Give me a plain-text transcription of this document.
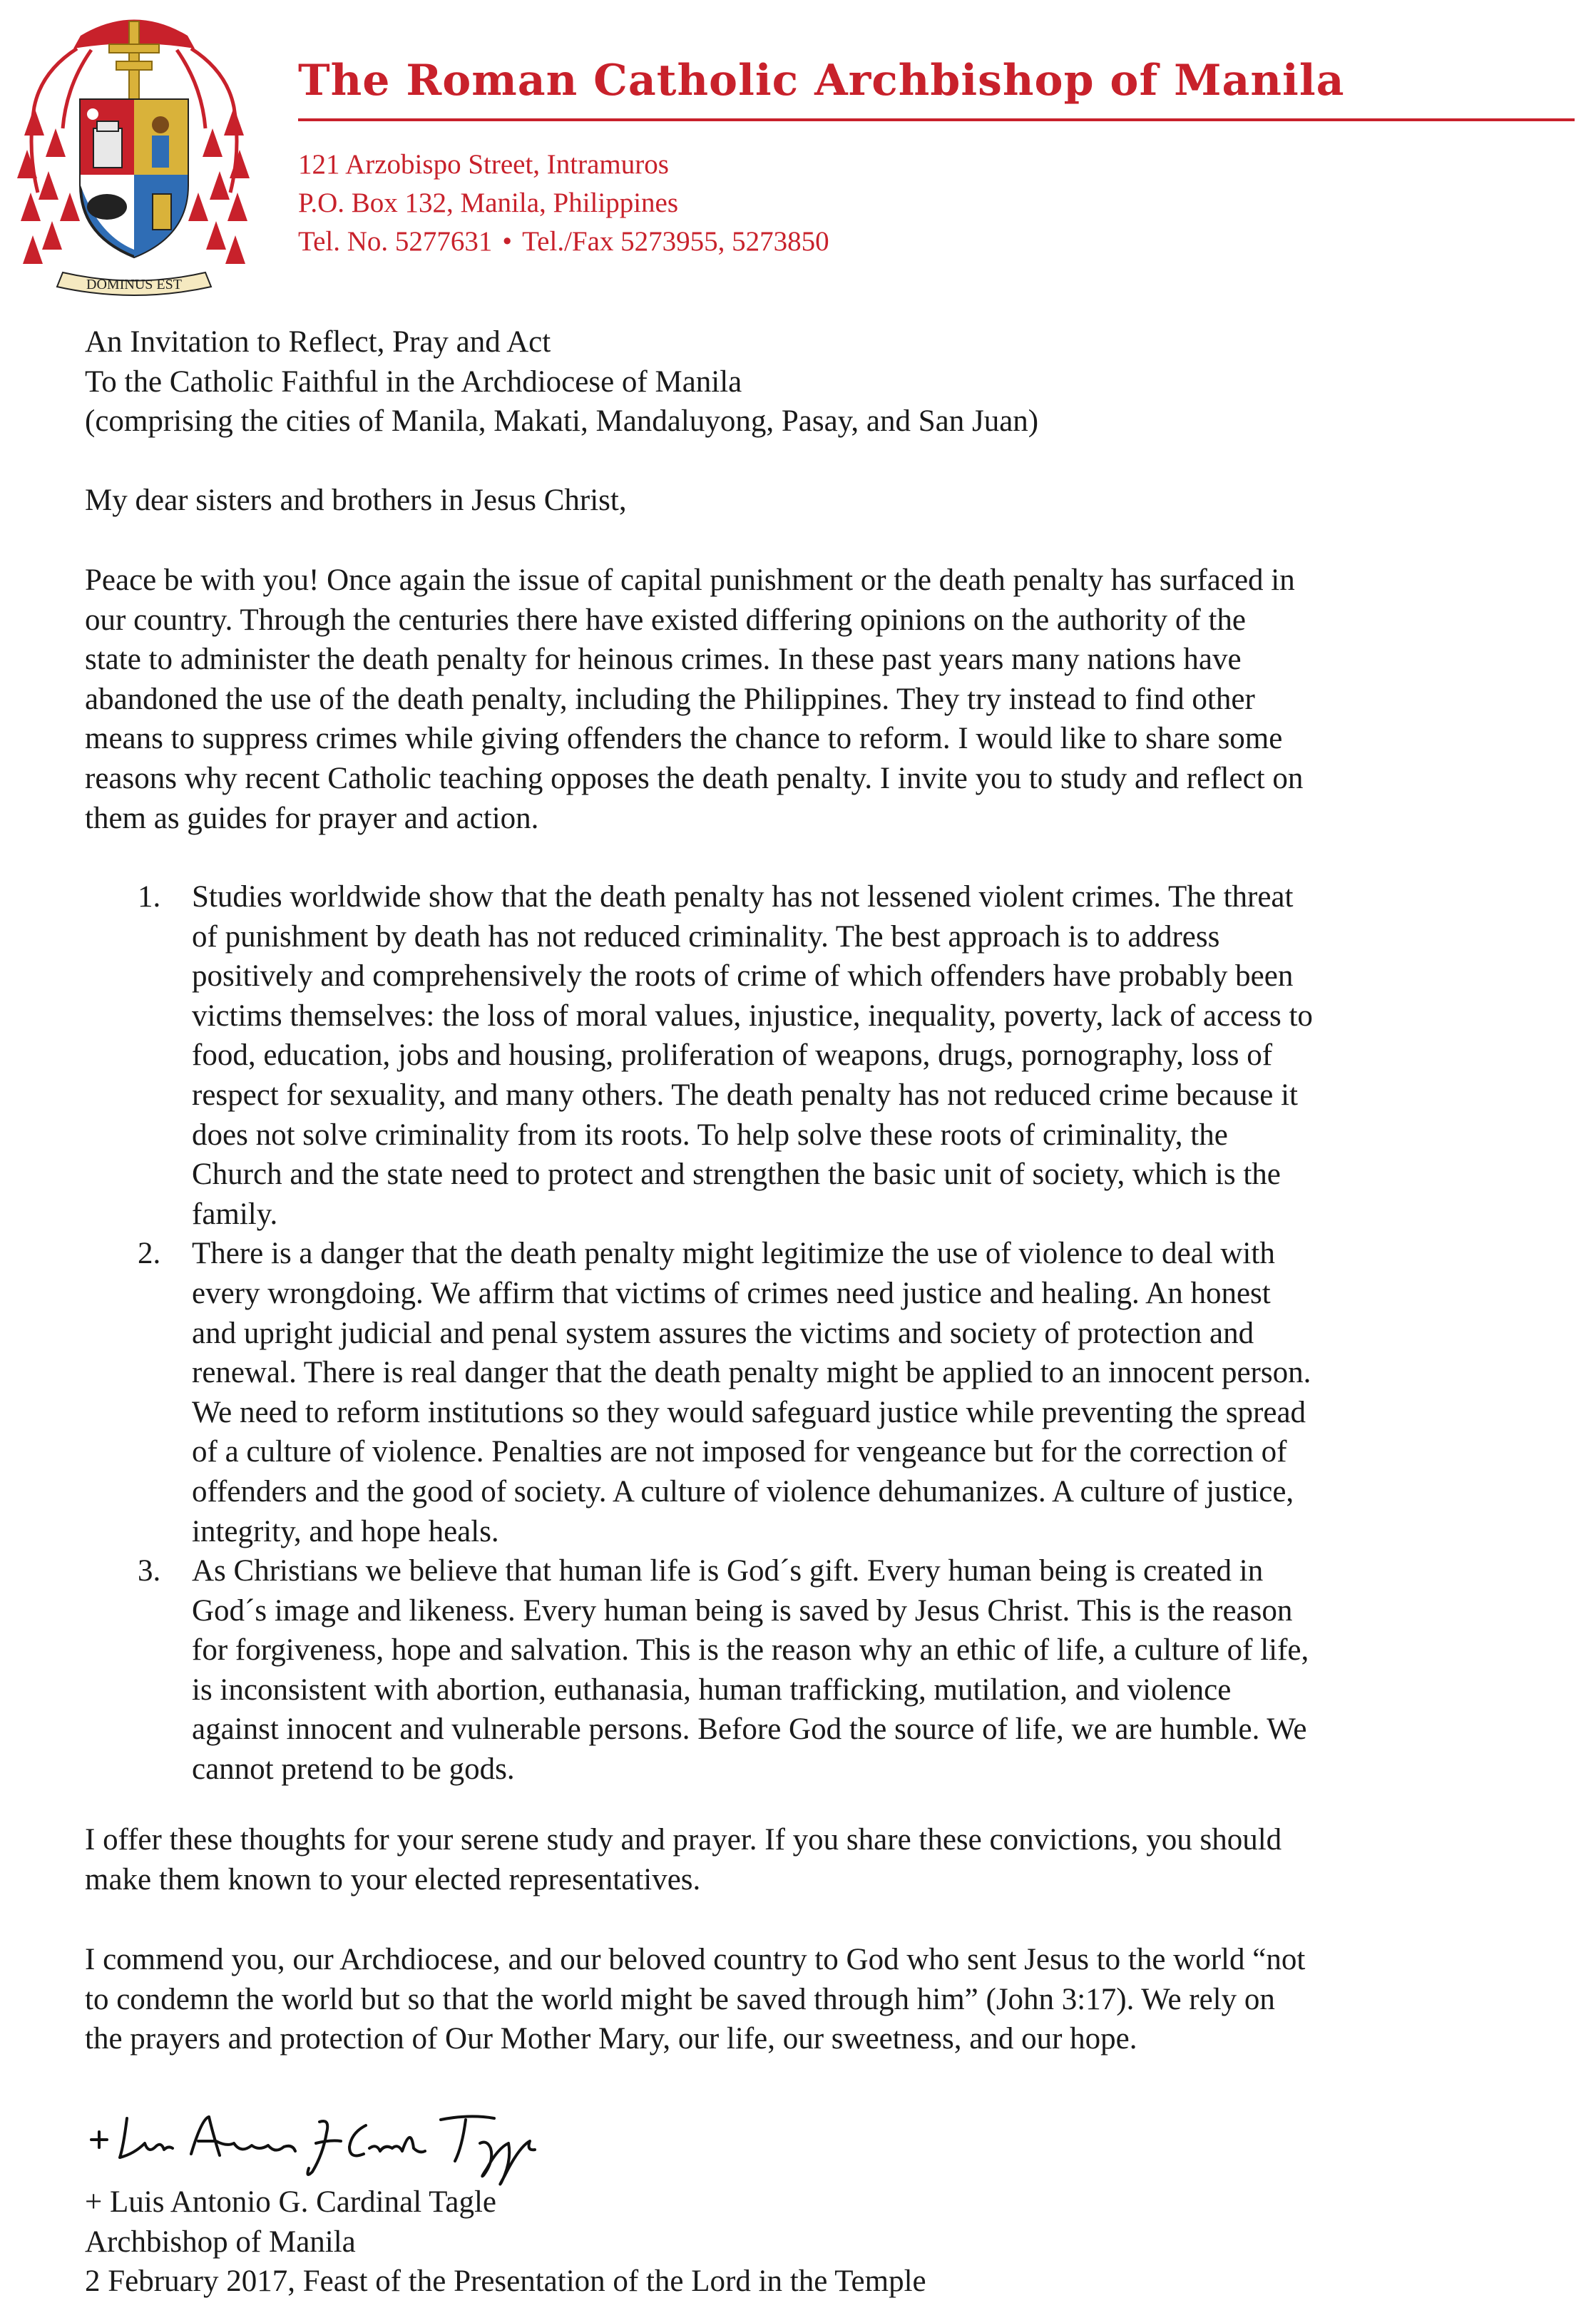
DOMINUS EST
The Roman Catholic Archbishop of Manila
121 Arzobispo Street, Intramuros
P.O. Box 132, Manila, Philippines
Tel. No. 5277631 • Tel./Fax 5273955, 5273850
An Invitation to Reflect, Pray and Act
To the Catholic Faithful in the Archdiocese of Manila
(comprising the cities of Manila, Makati, Mandaluyong, Pasay, and San Juan)
My dear sisters and brothers in Jesus Christ,
Peace be with you! Once again the issue of capital punishment or the death penalty has surfaced in
our country. Through the centuries there have existed differing opinions on the authority of the
state to administer the death penalty for heinous crimes. In these past years many nations have
abandoned the use of the death penalty, including the Philippines. They try instead to find other
means to suppress crimes while giving offenders the chance to reform. I would like to share some
reasons why recent Catholic teaching opposes the death penalty. I invite you to study and reflect on
them as guides for prayer and action.
1. Studies worldwide show that the death penalty has not lessened violent crimes. The threat
of punishment by death has not reduced criminality. The best approach is to address
positively and comprehensively the roots of crime of which offenders have probably been
victims themselves: the loss of moral values, injustice, inequality, poverty, lack of access to
food, education, jobs and housing, proliferation of weapons, drugs, pornography, loss of
respect for sexuality, and many others. The death penalty has not reduced crime because it
does not solve criminality from its roots. To help solve these roots of criminality, the
Church and the state need to protect and strengthen the basic unit of society, which is the
family.
2. There is a danger that the death penalty might legitimize the use of violence to deal with
every wrongdoing. We affirm that victims of crimes need justice and healing. An honest
and upright judicial and penal system assures the victims and society of protection and
renewal. There is real danger that the death penalty might be applied to an innocent person.
We need to reform institutions so they would safeguard justice while preventing the spread
of a culture of violence. Penalties are not imposed for vengeance but for the correction of
offenders and the good of society. A culture of violence dehumanizes. A culture of justice,
integrity, and hope heals.
3. As Christians we believe that human life is God´s gift. Every human being is created in
God´s image and likeness. Every human being is saved by Jesus Christ. This is the reason
for forgiveness, hope and salvation. This is the reason why an ethic of life, a culture of life,
is inconsistent with abortion, euthanasia, human trafficking, mutilation, and violence
against innocent and vulnerable persons. Before God the source of life, we are humble. We
cannot pretend to be gods.
I offer these thoughts for your serene study and prayer. If you share these convictions, you should
make them known to your elected representatives.
I commend you, our Archdiocese, and our beloved country to God who sent Jesus to the world “not
to condemn the world but so that the world might be saved through him” (John 3:17). We rely on
the prayers and protection of Our Mother Mary, our life, our sweetness, and our hope.
+ Luis Antonio G. Cardinal Tagle
Archbishop of Manila
2 February 2017, Feast of the Presentation of the Lord in the Temple
